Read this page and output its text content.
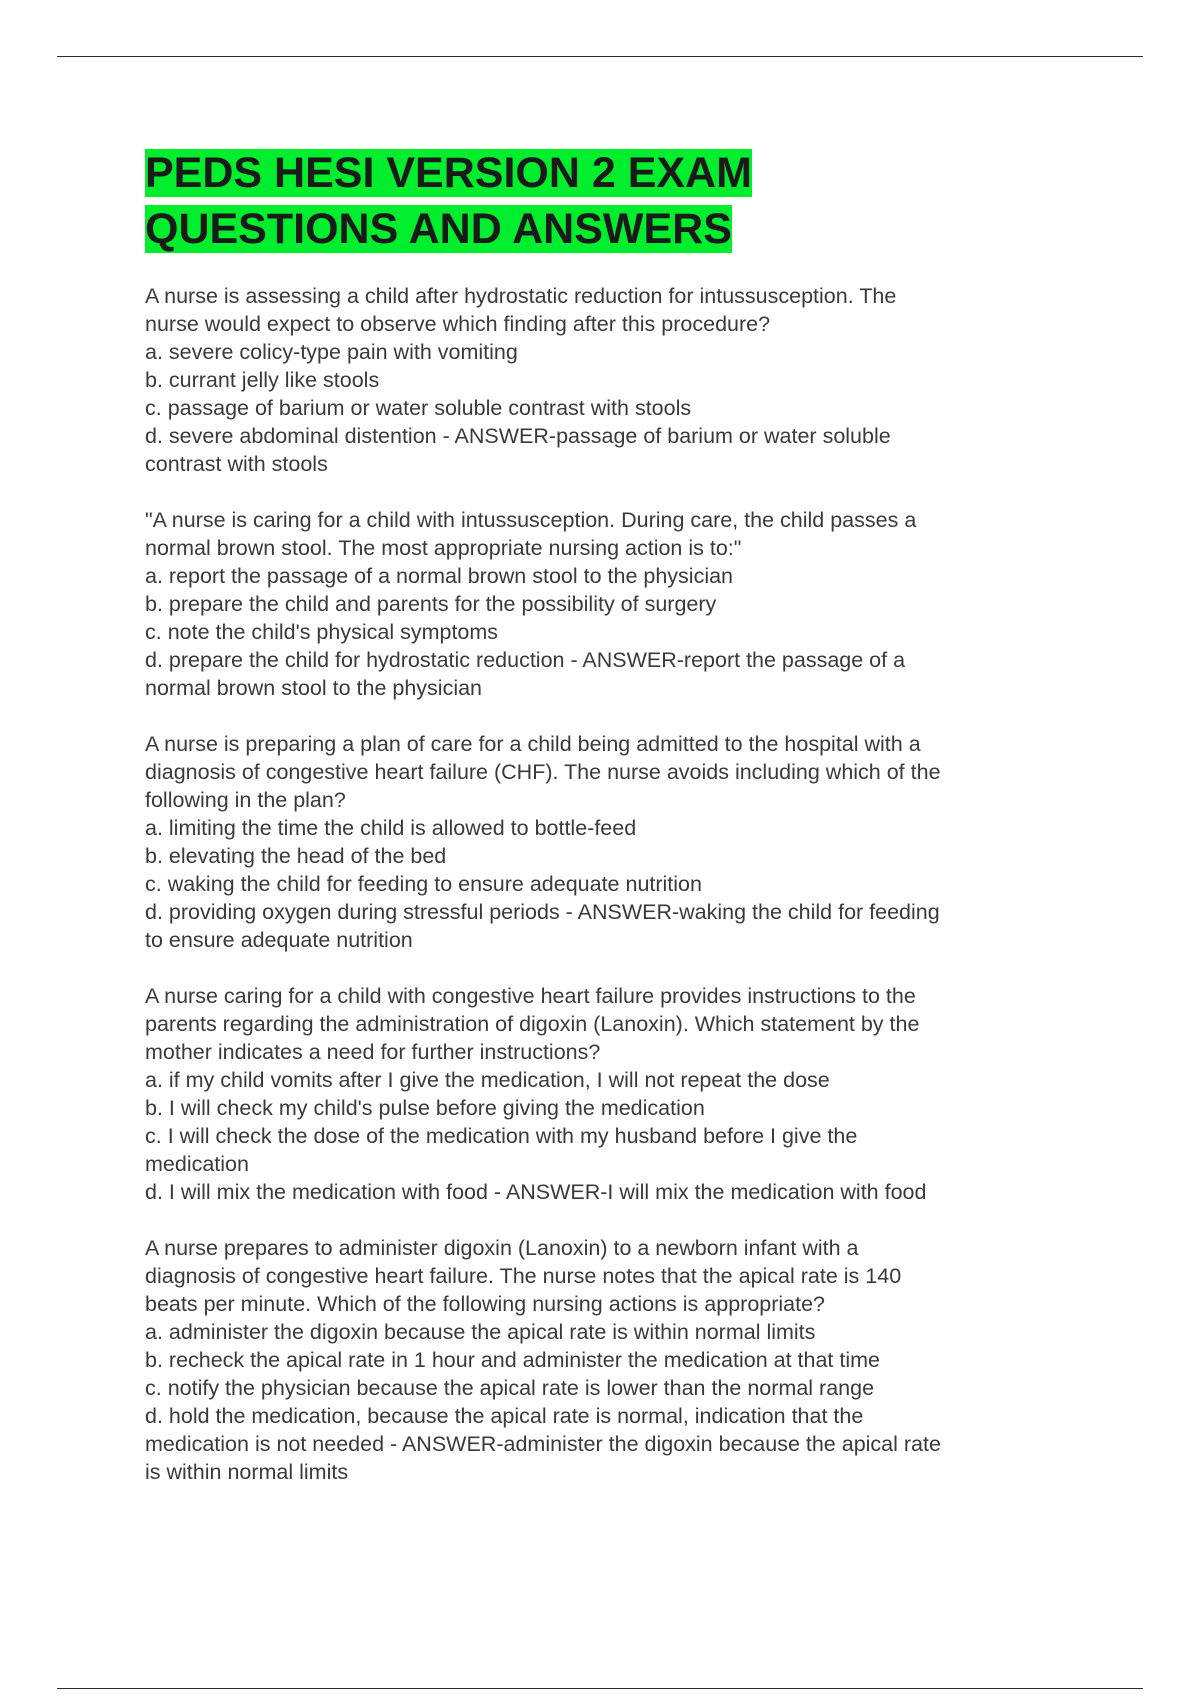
PEDS HESI VERSION 2 EXAM
QUESTIONS AND ANSWERS
A nurse is assessing a child after hydrostatic reduction for intussusception. The
nurse would expect to observe which finding after this procedure?
a. severe colicy-type pain with vomiting
b. currant jelly like stools
c. passage of barium or water soluble contrast with stools
d. severe abdominal distention - ANSWER-passage of barium or water soluble
contrast with stools
"A nurse is caring for a child with intussusception. During care, the child passes a
normal brown stool. The most appropriate nursing action is to:"
a. report the passage of a normal brown stool to the physician
b. prepare the child and parents for the possibility of surgery
c. note the child's physical symptoms
d. prepare the child for hydrostatic reduction - ANSWER-report the passage of a
normal brown stool to the physician
A nurse is preparing a plan of care for a child being admitted to the hospital with a
diagnosis of congestive heart failure (CHF). The nurse avoids including which of the
following in the plan?
a. limiting the time the child is allowed to bottle-feed
b. elevating the head of the bed
c. waking the child for feeding to ensure adequate nutrition
d. providing oxygen during stressful periods - ANSWER-waking the child for feeding
to ensure adequate nutrition
A nurse caring for a child with congestive heart failure provides instructions to the
parents regarding the administration of digoxin (Lanoxin). Which statement by the
mother indicates a need for further instructions?
a. if my child vomits after I give the medication, I will not repeat the dose
b. I will check my child's pulse before giving the medication
c. I will check the dose of the medication with my husband before I give the
medication
d. I will mix the medication with food - ANSWER-I will mix the medication with food
A nurse prepares to administer digoxin (Lanoxin) to a newborn infant with a
diagnosis of congestive heart failure. The nurse notes that the apical rate is 140
beats per minute. Which of the following nursing actions is appropriate?
a. administer the digoxin because the apical rate is within normal limits
b. recheck the apical rate in 1 hour and administer the medication at that time
c. notify the physician because the apical rate is lower than the normal range
d. hold the medication, because the apical rate is normal, indication that the
medication is not needed - ANSWER-administer the digoxin because the apical rate
is within normal limits
